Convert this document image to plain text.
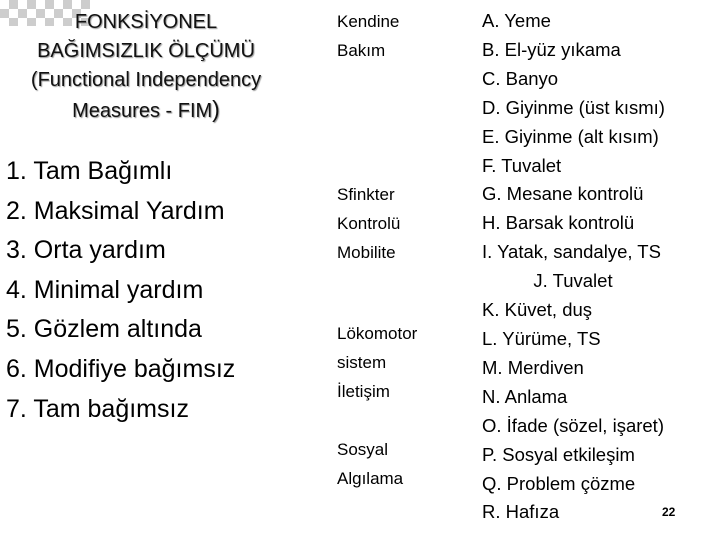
FONKSİYONEL
BAĞIMSIZLIK ÖLÇÜMÜ
(Functional Independency
Measures - FIM)
1. Tam Bağımlı
2. Maksimal Yardım
3. Orta yardım
4. Minimal yardım
5. Gözlem altında
6. Modifiye bağımsız
7. Tam bağımsız
Kendine
Bakım
Sfinkter
Kontrolü
Mobilite
Lökomotor
sistem
İletişim
Sosyal
Algılama
A. Yeme
B. El-yüz yıkama
C. Banyo
D. Giyinme (üst kısmı)
E. Giyinme (alt kısım)
F. Tuvalet
G. Mesane kontrolü
H. Barsak kontrolü
I. Yatak, sandalye, TS
J. Tuvalet
K. Küvet, duş
L. Yürüme, TS
M. Merdiven
N. Anlama
O. İfade (sözel, işaret)
P. Sosyal etkileşim
Q. Problem çözme
R. Hafıza	22
